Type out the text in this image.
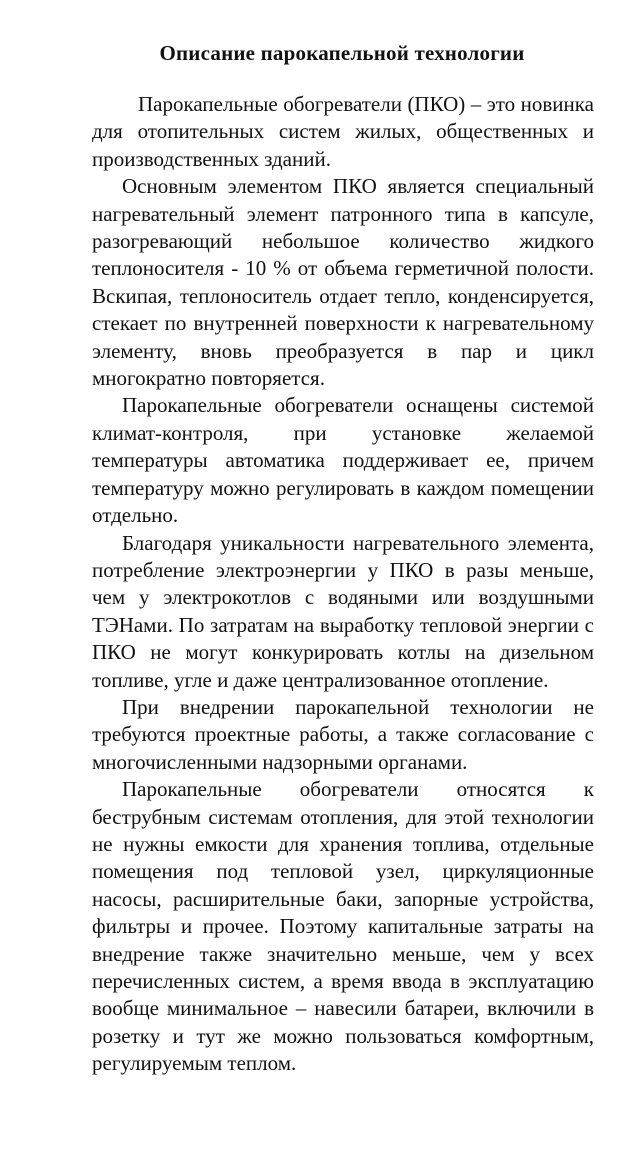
Описание парокапельной технологии

Парокапельные обогреватели (ПКО) – это новинка для отопительных систем жилых, общественных и производственных зданий.

Основным элементом ПКО является специальный нагревательный элемент патронного типа в капсуле, разогревающий небольшое количество жидкого теплоносителя - 10 % от объема герметичной полости. Вскипая, теплоноситель отдает тепло, конденсируется, стекает по внутренней поверхности к нагревательному элементу, вновь преобразуется в пар и цикл многократно повторяется.

Парокапельные обогреватели оснащены системой климат-контроля, при установке желаемой температуры автоматика поддерживает ее, причем температуру можно регулировать в каждом помещении отдельно.

Благодаря уникальности нагревательного элемента, потребление электроэнергии у ПКО в разы меньше, чем у электрокотлов с водяными или воздушными ТЭНами. По затратам на выработку тепловой энергии с ПКО не могут конкурировать котлы на дизельном топливе, угле и даже централизованное отопление.

При внедрении парокапельной технологии не требуются проектные работы, а также согласование с многочисленными надзорными органами.

Парокапельные обогреватели относятся к беструбным системам отопления, для этой технологии не нужны емкости для хранения топлива, отдельные помещения под тепловой узел, циркуляционные насосы, расширительные баки, запорные устройства, фильтры и прочее. Поэтому капитальные затраты на внедрение также значительно меньше, чем у всех перечисленных систем, а время ввода в эксплуатацию вообще минимальное – навесили батареи, включили в розетку и тут же можно пользоваться комфортным, регулируемым теплом.
